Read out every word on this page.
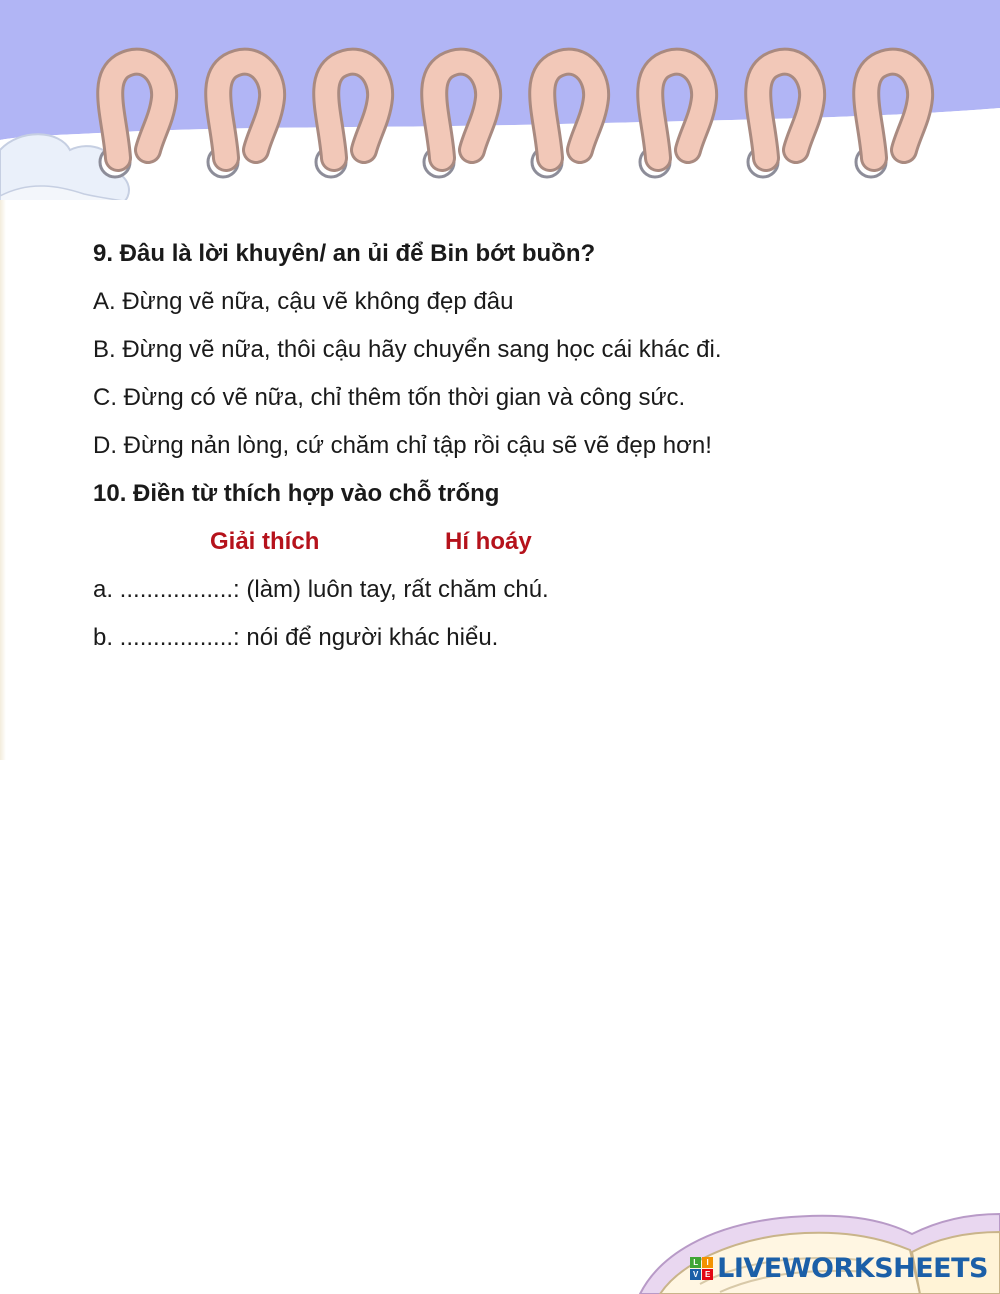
9. Đâu là lời khuyên/ an ủi để Bin bớt buồn?
A. Đừng vẽ nữa, cậu vẽ không đẹp đâu
B. Đừng vẽ nữa, thôi cậu hãy chuyển sang học cái khác đi.
C. Đừng có vẽ nữa, chỉ thêm tốn thời gian và công sức.
D. Đừng nản lòng, cứ chăm chỉ tập rồi cậu sẽ vẽ đẹp hơn!
10. Điền từ thích hợp vào chỗ trống
Giải thích	Hí hoáy
a. .................: (làm) luôn tay, rất chăm chú.
b. .................: nói để người khác hiểu.
L	I
V E LIVEWORKSHEETS
